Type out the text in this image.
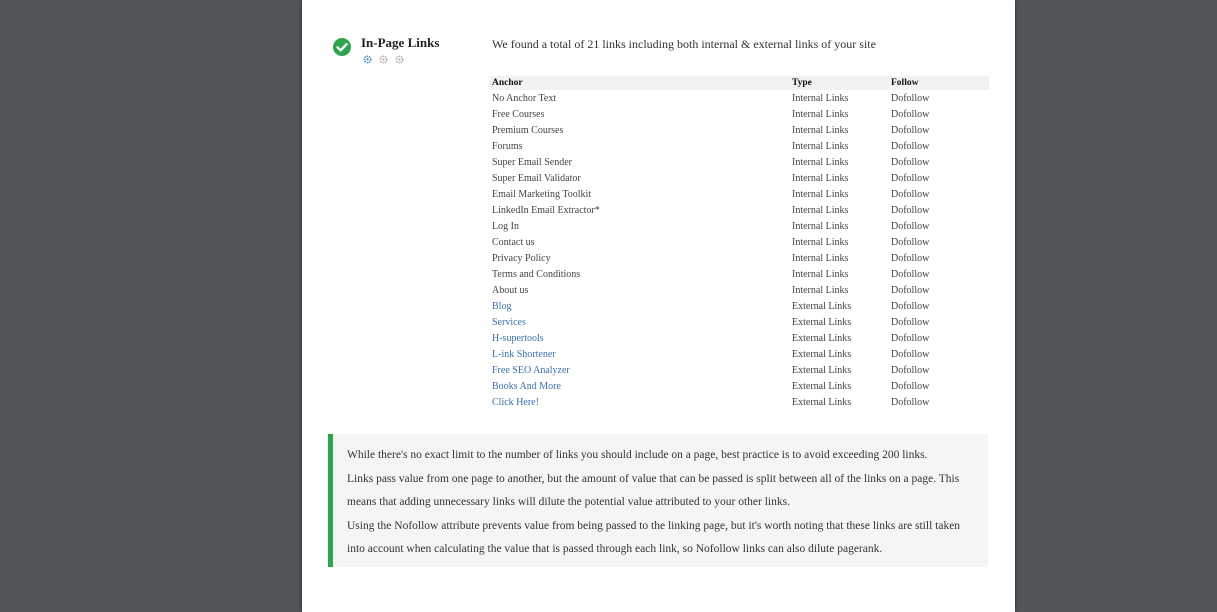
In-Page Links
	We found a total of 21 links including both internal & external links of your site
Anchor	Type	Follow
No Anchor Text	Internal Links	Dofollow
Free Courses	Internal Links	Dofollow
Premium Courses	Internal Links	Dofollow
Forums	Internal Links	Dofollow
Super Email Sender	Internal Links	Dofollow
Super Email Validator	Internal Links	Dofollow
Email Marketing Toolkit	Internal Links	Dofollow
LinkedIn Email Extractor*	Internal Links	Dofollow
Log In	Internal Links	Dofollow
Contact us	Internal Links	Dofollow
Privacy Policy	Internal Links	Dofollow
Terms and Conditions	Internal Links	Dofollow
About us	Internal Links	Dofollow
Blog	External Links	Dofollow
Services	External Links	Dofollow
H-supertools	External Links	Dofollow
L-ink Shortener	External Links	Dofollow
Free SEO Analyzer	External Links	Dofollow
Books And More	External Links	Dofollow
Click Here!	External Links	Dofollow

While there's no exact limit to the number of links you should include on a page, best practice is to avoid exceeding 200 links.

Links pass value from one page to another, but the amount of value that can be passed is split between all of the links on a page. This means that adding unnecessary links will dilute the potential value attributed to your other links.

Using the Nofollow attribute prevents value from being passed to the linking page, but it's worth noting that these links are still taken into account when calculating the value that is passed through each link, so Nofollow links can also dilute pagerank.
